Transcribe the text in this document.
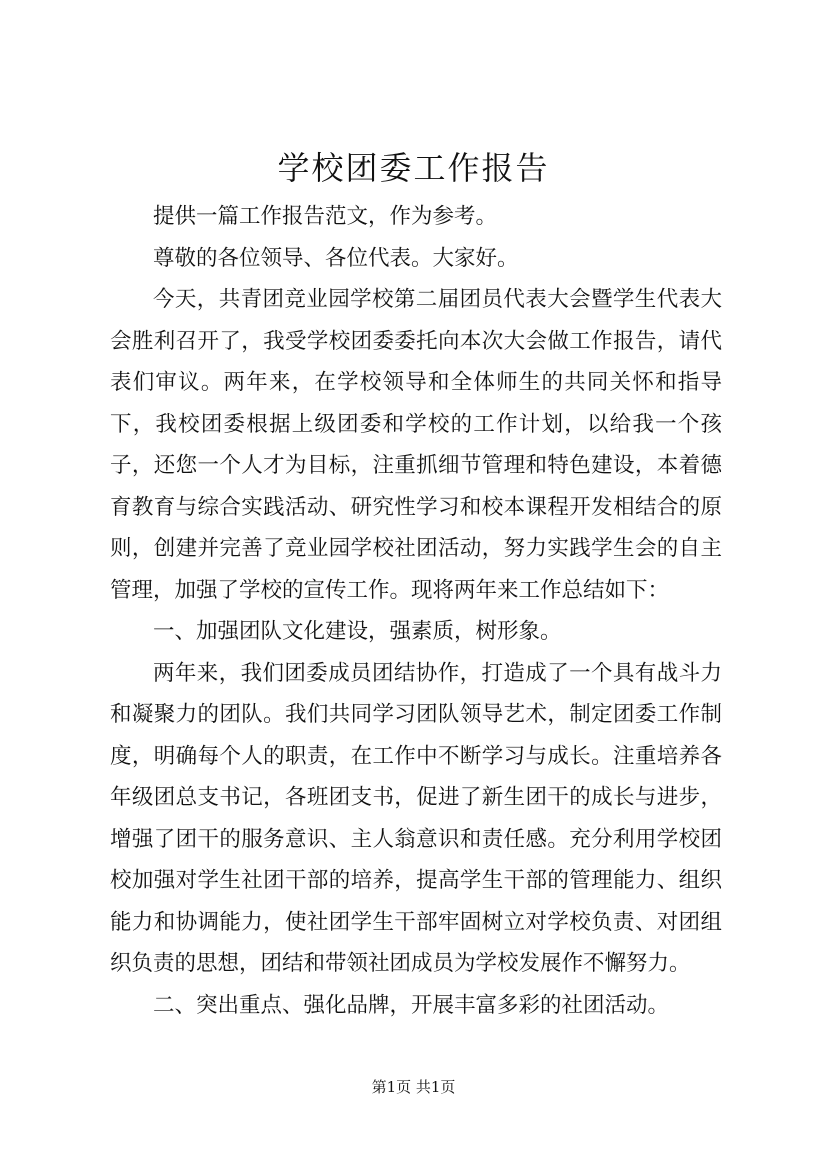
学校团委工作报告

提供一篇工作报告范文，作为参考。

尊敬的各位领导、各位代表。大家好。

今天，共青团竞业园学校第二届团员代表大会暨学生代表大会胜利召开了，我受学校团委委托向本次大会做工作报告，请代表们审议。两年来，在学校领导和全体师生的共同关怀和指导下，我校团委根据上级团委和学校的工作计划，以给我一个孩子，还您一个人才为目标，注重抓细节管理和特色建设，本着德育教育与综合实践活动、研究性学习和校本课程开发相结合的原则，创建并完善了竞业园学校社团活动，努力实践学生会的自主管理，加强了学校的宣传工作。现将两年来工作总结如下：

一、加强团队文化建设，强素质，树形象。

两年来，我们团委成员团结协作，打造成了一个具有战斗力和凝聚力的团队。我们共同学习团队领导艺术，制定团委工作制度，明确每个人的职责，在工作中不断学习与成长。注重培养各年级团总支书记，各班团支书，促进了新生团干的成长与进步，增强了团干的服务意识、主人翁意识和责任感。充分利用学校团校加强对学生社团干部的培养，提高学生干部的管理能力、组织能力和协调能力，使社团学生干部牢固树立对学校负责、对团组织负责的思想，团结和带领社团成员为学校发展作不懈努力。

二、突出重点、强化品牌，开展丰富多彩的社团活动。

第1页 共1页
